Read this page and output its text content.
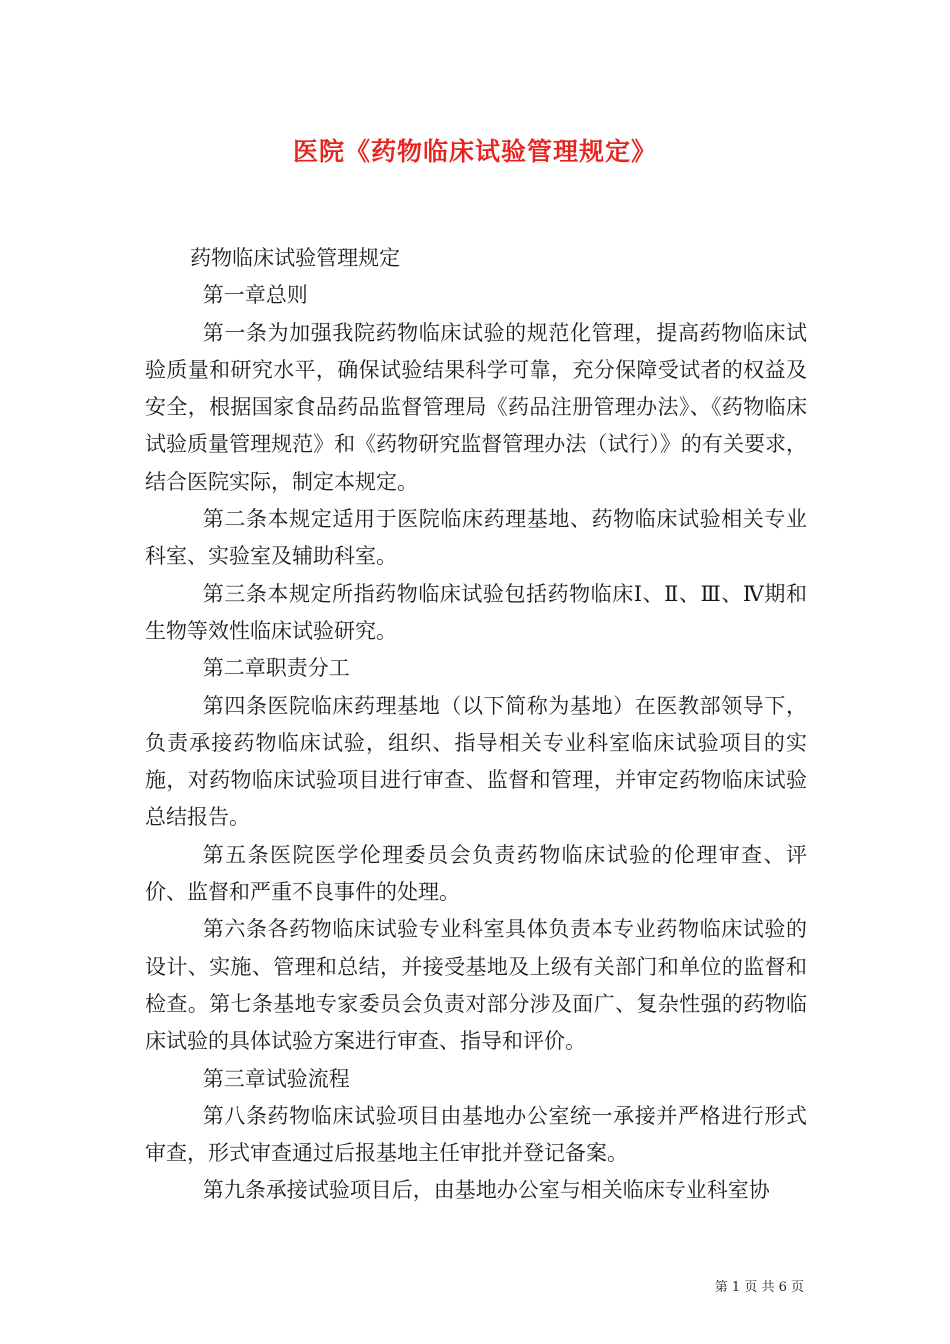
医院《药物临床试验管理规定》

药物临床试验管理规定

第一章总则

第一条为加强我院药物临床试验的规范化管理，提高药物临床试验质量和研究水平，确保试验结果科学可靠，充分保障受试者的权益及安全，根据国家食品药品监督管理局《药品注册管理办法》、《药物临床试验质量管理规范》和《药物研究监督管理办法（试行）》的有关要求，结合医院实际，制定本规定。

第二条本规定适用于医院临床药理基地、药物临床试验相关专业科室、实验室及辅助科室。

第三条本规定所指药物临床试验包括药物临床Ⅰ、Ⅱ、Ⅲ、Ⅳ期和生物等效性临床试验研究。

第二章职责分工

第四条医院临床药理基地（以下简称为基地）在医教部领导下，负责承接药物临床试验，组织、指导相关专业科室临床试验项目的实施，对药物临床试验项目进行审查、监督和管理，并审定药物临床试验总结报告。

第五条医院医学伦理委员会负责药物临床试验的伦理审查、评价、监督和严重不良事件的处理。

第六条各药物临床试验专业科室具体负责本专业药物临床试验的设计、实施、管理和总结，并接受基地及上级有关部门和单位的监督和检查。第七条基地专家委员会负责对部分涉及面广、复杂性强的药物临床试验的具体试验方案进行审查、指导和评价。

第三章试验流程

第八条药物临床试验项目由基地办公室统一承接并严格进行形式审查，形式审查通过后报基地主任审批并登记备案。

第九条承接试验项目后，由基地办公室与相关临床专业科室协

第 1 页 共 6 页
